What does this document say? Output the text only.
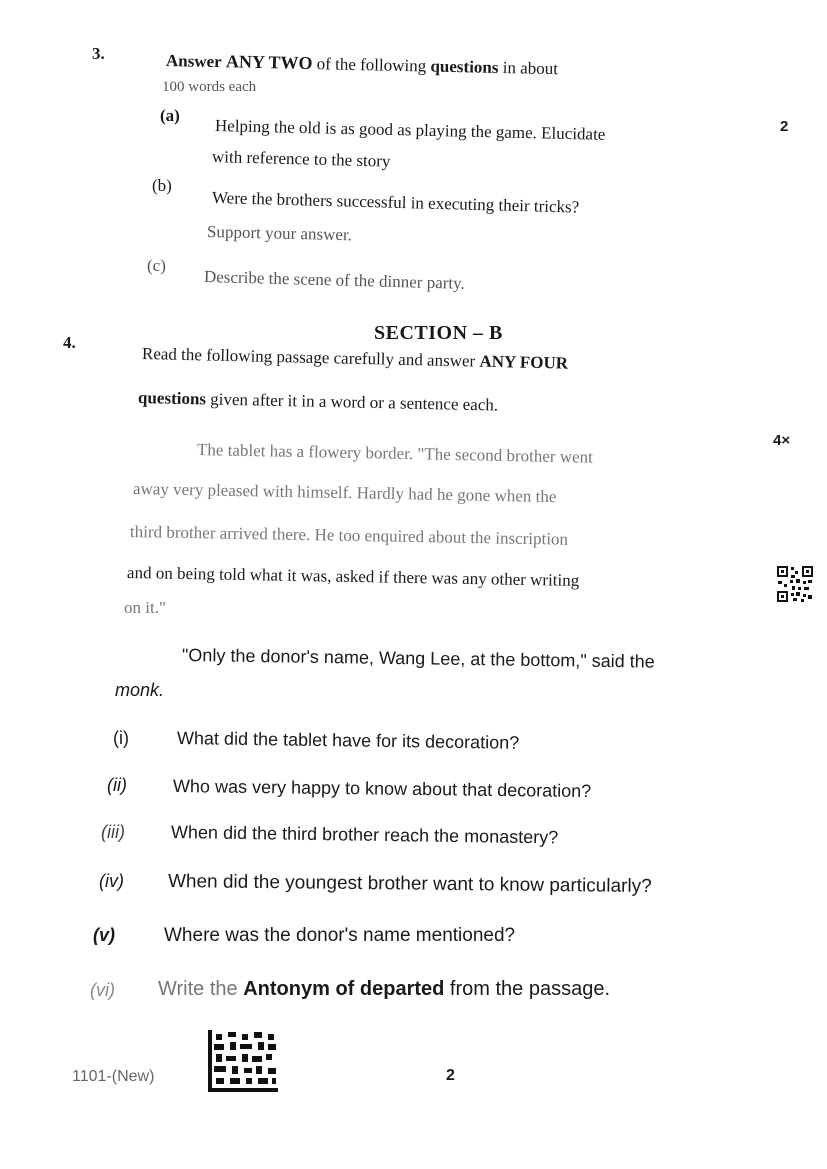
3.	Answer ANY TWO of the following questions in about
100 words each
2
(a)
Helping the old is as good as playing the game. Elucidate
with reference to the story
(b)
Were the brothers successful in executing their tricks?
Support your answer.
(c)
Describe the scene of the dinner party.
4.	SECTION – B
Read the following passage carefully and answer ANY FOUR
questions given after it in a word or a sentence each.
4×
The tablet has a flowery border. "The second brother went
away very pleased with himself. Hardly had he gone when the
third brother arrived there. He too enquired about the inscription
and on being told what it was, asked if there was any other writing
on it."
"Only the donor's name, Wang Lee, at the bottom," said the
monk.
(i)	What did the tablet have for its decoration?
(ii)	Who was very happy to know about that decoration?
(iii)	When did the third brother reach the monastery?
(iv) When did the youngest brother want to know particularly?
(v)	Where was the donor's name mentioned?
(vi) Write the Antonym of departed from the passage.
1101-(New)	2
